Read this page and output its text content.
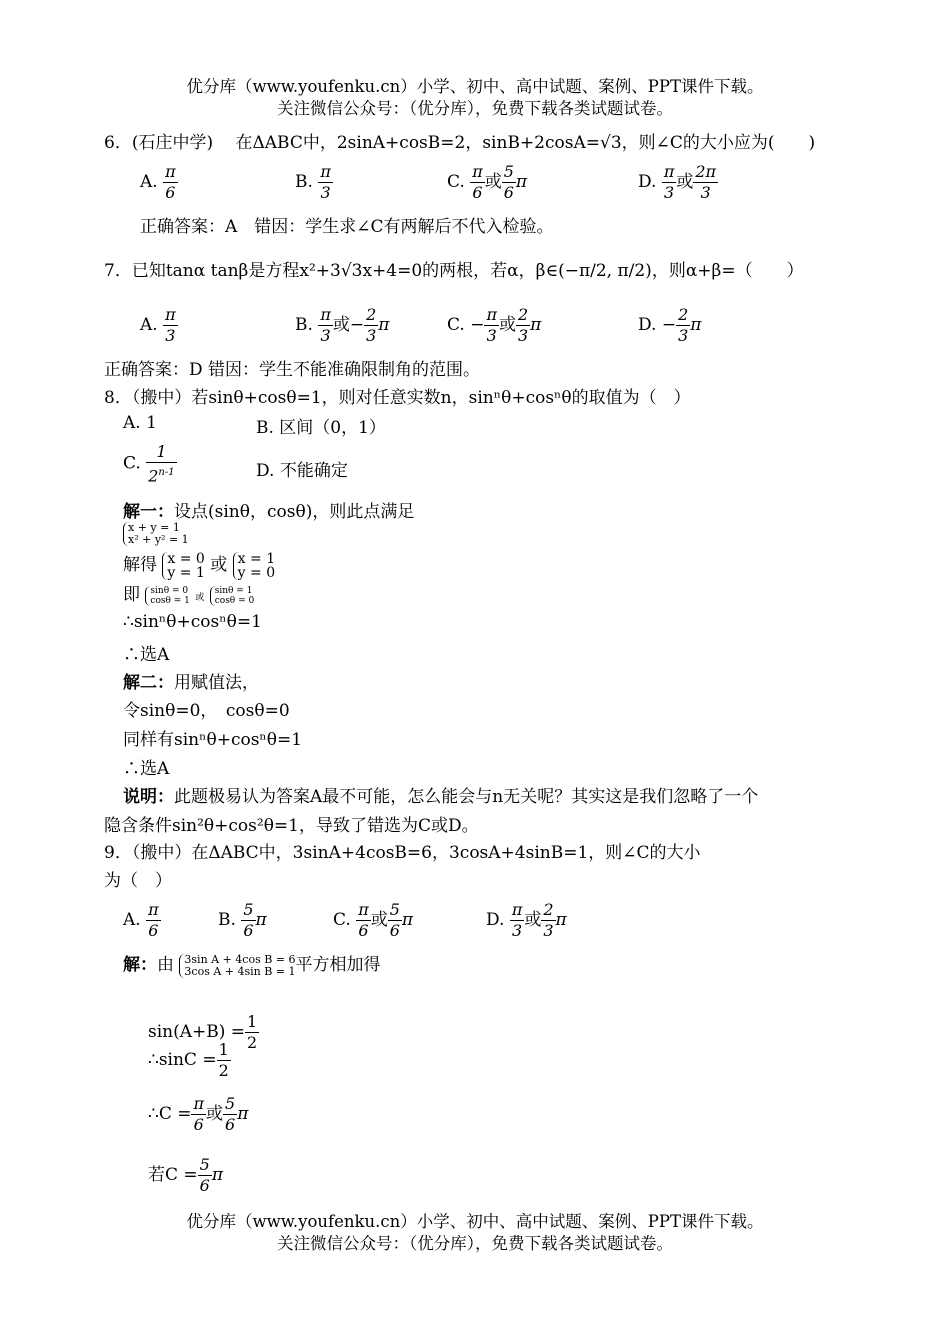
优分库（www.youfenku.cn）小学、初中、高中试题、案例、PPT课件下载。
关注微信公众号：（优分库），免费下载各类试题试卷。
6．(石庄中学)　 在ΔABC中，2sinA+cosB=2，sinB+2cosA=√3，则∠C的大小应为(　　)
A. $\frac{\pi}{6}$	B. $\frac{\pi}{3}$	C. $\frac{\pi}{6}$ 或 $\frac{5}{6}$ π	D. $\frac{\pi}{3}$ 或 $\frac{2\pi}{3}$
正确答案：A　错因：学生求∠C有两解后不代入检验。
7．已知tanα tanβ是方程x²+3√3x+4=0的两根，若α，β∈(−π/2, π/2)，则α+β=（　　）
A. $\frac{\pi}{3}$	B. $\frac{\pi}{3}$ 或− $\frac{2}{3}$ π	C. − $\frac{\pi}{3}$ 或 $\frac{2}{3}$ π	D. − $\frac{2}{3}$ π
正确答案：D 错因：学生不能准确限制角的范围。
8．（搬中）若sinθ+cosθ=1，则对任意实数n，sinⁿθ+cosⁿθ的取值为（　）
A. 1	B. 区间（0，1）
C. $\frac{1}{2^{n-1}}$	D. 不能确定
解一：设点(sinθ，cosθ)，则此点满足
x + y = 1
x² + y² = 1
解得 x = 0
y = 1 或 x = 1
y = 0
即 sinθ = 0
cosθ = 1 或 sinθ = 1
cosθ = 0
∴sinⁿθ+cosⁿθ=1
∴选A
解二：用赋值法，
令sinθ=0，　cosθ=0
同样有sinⁿθ+cosⁿθ=1
∴选A
说明：此题极易认为答案A最不可能，怎么能会与n无关呢？其实这是我们忽略了一个
隐含条件sin²θ+cos²θ=1，导致了错选为C或D。
9．（搬中）在ΔABC中，3sinA+4cosB=6，3cosA+4sinB=1，则∠C的大小
为（　）
A. $\frac{\pi}{6}$	B. $\frac{5}{6}$ π	C. $\frac{\pi}{6}$ 或 $\frac{5}{6}$ π	D. $\frac{\pi}{3}$ 或 $\frac{2}{3}$ π
解：由 3sin A + 4cos B = 6
3cos A + 4sin B = 1平方相加得
$\sin(A+B) = \frac{1}{2}$
∴sinC = $\frac{1}{2}$
∴C = $\frac{\pi}{6}$ 或 $\frac{5}{6}$ π
若$C = \frac{5}{6}$ π
优分库（www.youfenku.cn）小学、初中、高中试题、案例、PPT课件下载。
关注微信公众号：（优分库），免费下载各类试题试卷。
